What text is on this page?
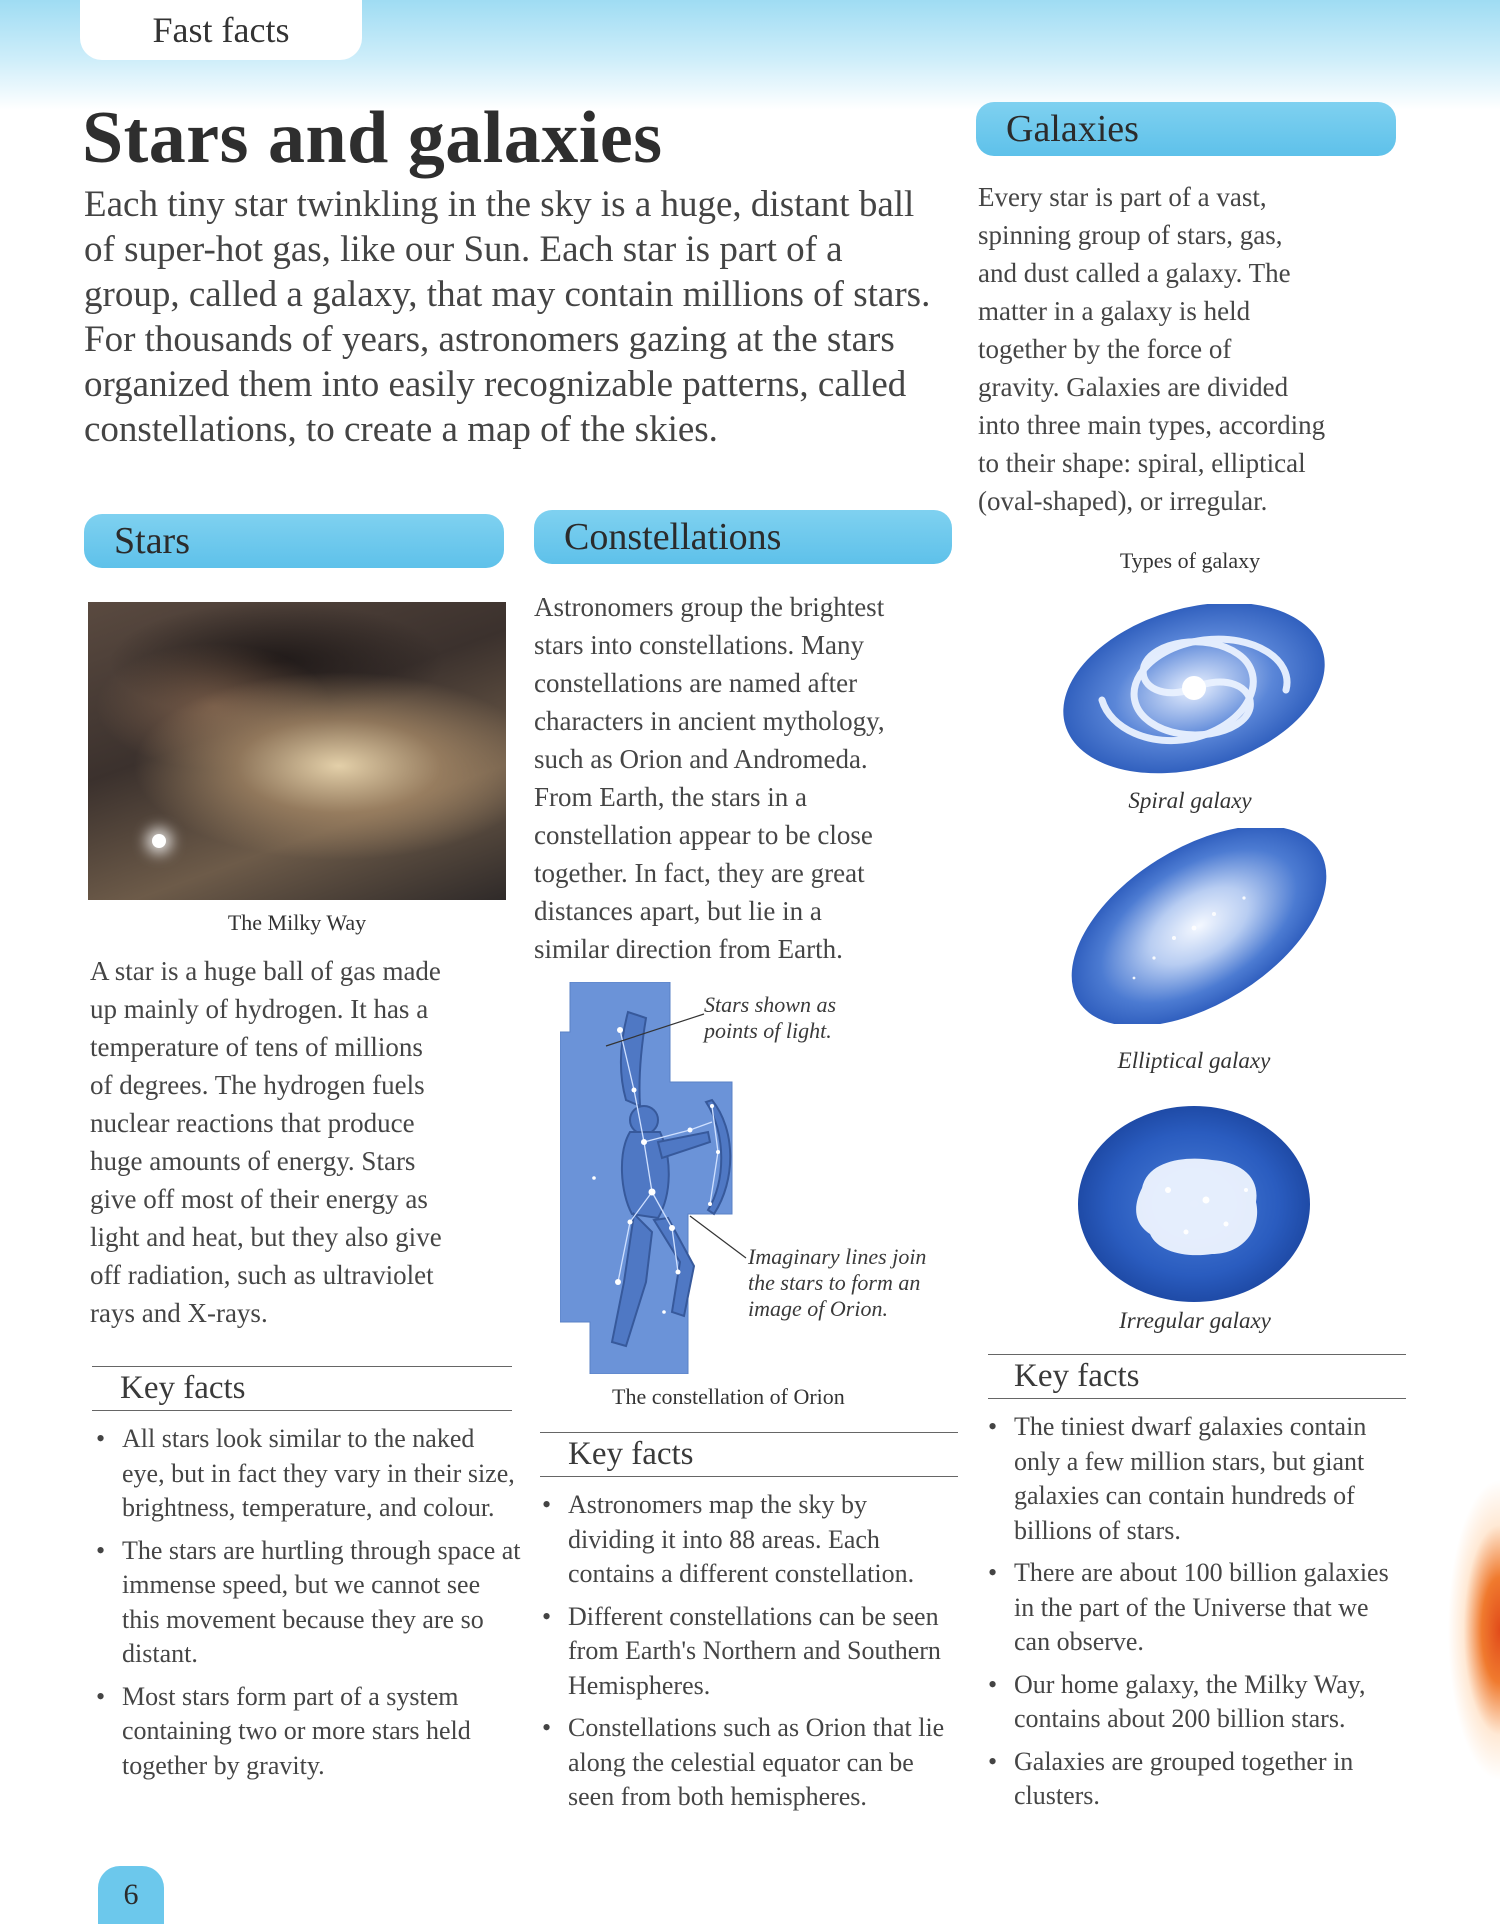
Fast facts
Stars and galaxies
Each tiny star twinkling in the sky is a huge, distant ball
of super-hot gas, like our Sun. Each star is part of a
group, called a galaxy, that may contain millions of stars.
For thousands of years, astronomers gazing at the stars
organized them into easily recognizable patterns, called
constellations, to create a map of the skies.
Stars
The Milky Way
A star is a huge ball of gas made
up mainly of hydrogen. It has a
temperature of tens of millions
of degrees. The hydrogen fuels
nuclear reactions that produce
huge amounts of energy. Stars
give off most of their energy as
light and heat, but they also give
off radiation, such as ultraviolet
rays and X-rays.
Key facts
• All stars look similar to the naked eye, but in fact they vary in their size, brightness, temperature, and colour.
• The stars are hurtling through space at immense speed, but we cannot see this movement because they are so distant.
• Most stars form part of a system containing two or more stars held together by gravity.
Constellations
Astronomers group the brightest
stars into constellations. Many
constellations are named after
characters in ancient mythology,
such as Orion and Andromeda.
From Earth, the stars in a
constellation appear to be close
together. In fact, they are great
distances apart, but lie in a
similar direction from Earth.
Stars shown as
points of light.
Imaginary lines join
the stars to form an
image of Orion.
The constellation of Orion
Key facts
• Astronomers map the sky by dividing it into 88 areas. Each contains a different constellation.
• Different constellations can be seen from Earth's Northern and Southern Hemispheres.
• Constellations such as Orion that lie along the celestial equator can be seen from both hemispheres.
Galaxies
Every star is part of a vast,
spinning group of stars, gas,
and dust called a galaxy. The
matter in a galaxy is held
together by the force of
gravity. Galaxies are divided
into three main types, according
to their shape: spiral, elliptical
(oval-shaped), or irregular.
Types of galaxy
Spiral galaxy
Elliptical galaxy
Irregular galaxy
Key facts
• The tiniest dwarf galaxies contain only a few million stars, but giant galaxies can contain hundreds of billions of stars.
• There are about 100 billion galaxies in the part of the Universe that we can observe.
• Our home galaxy, the Milky Way, contains about 200 billion stars.
• Galaxies are grouped together in clusters.
6
